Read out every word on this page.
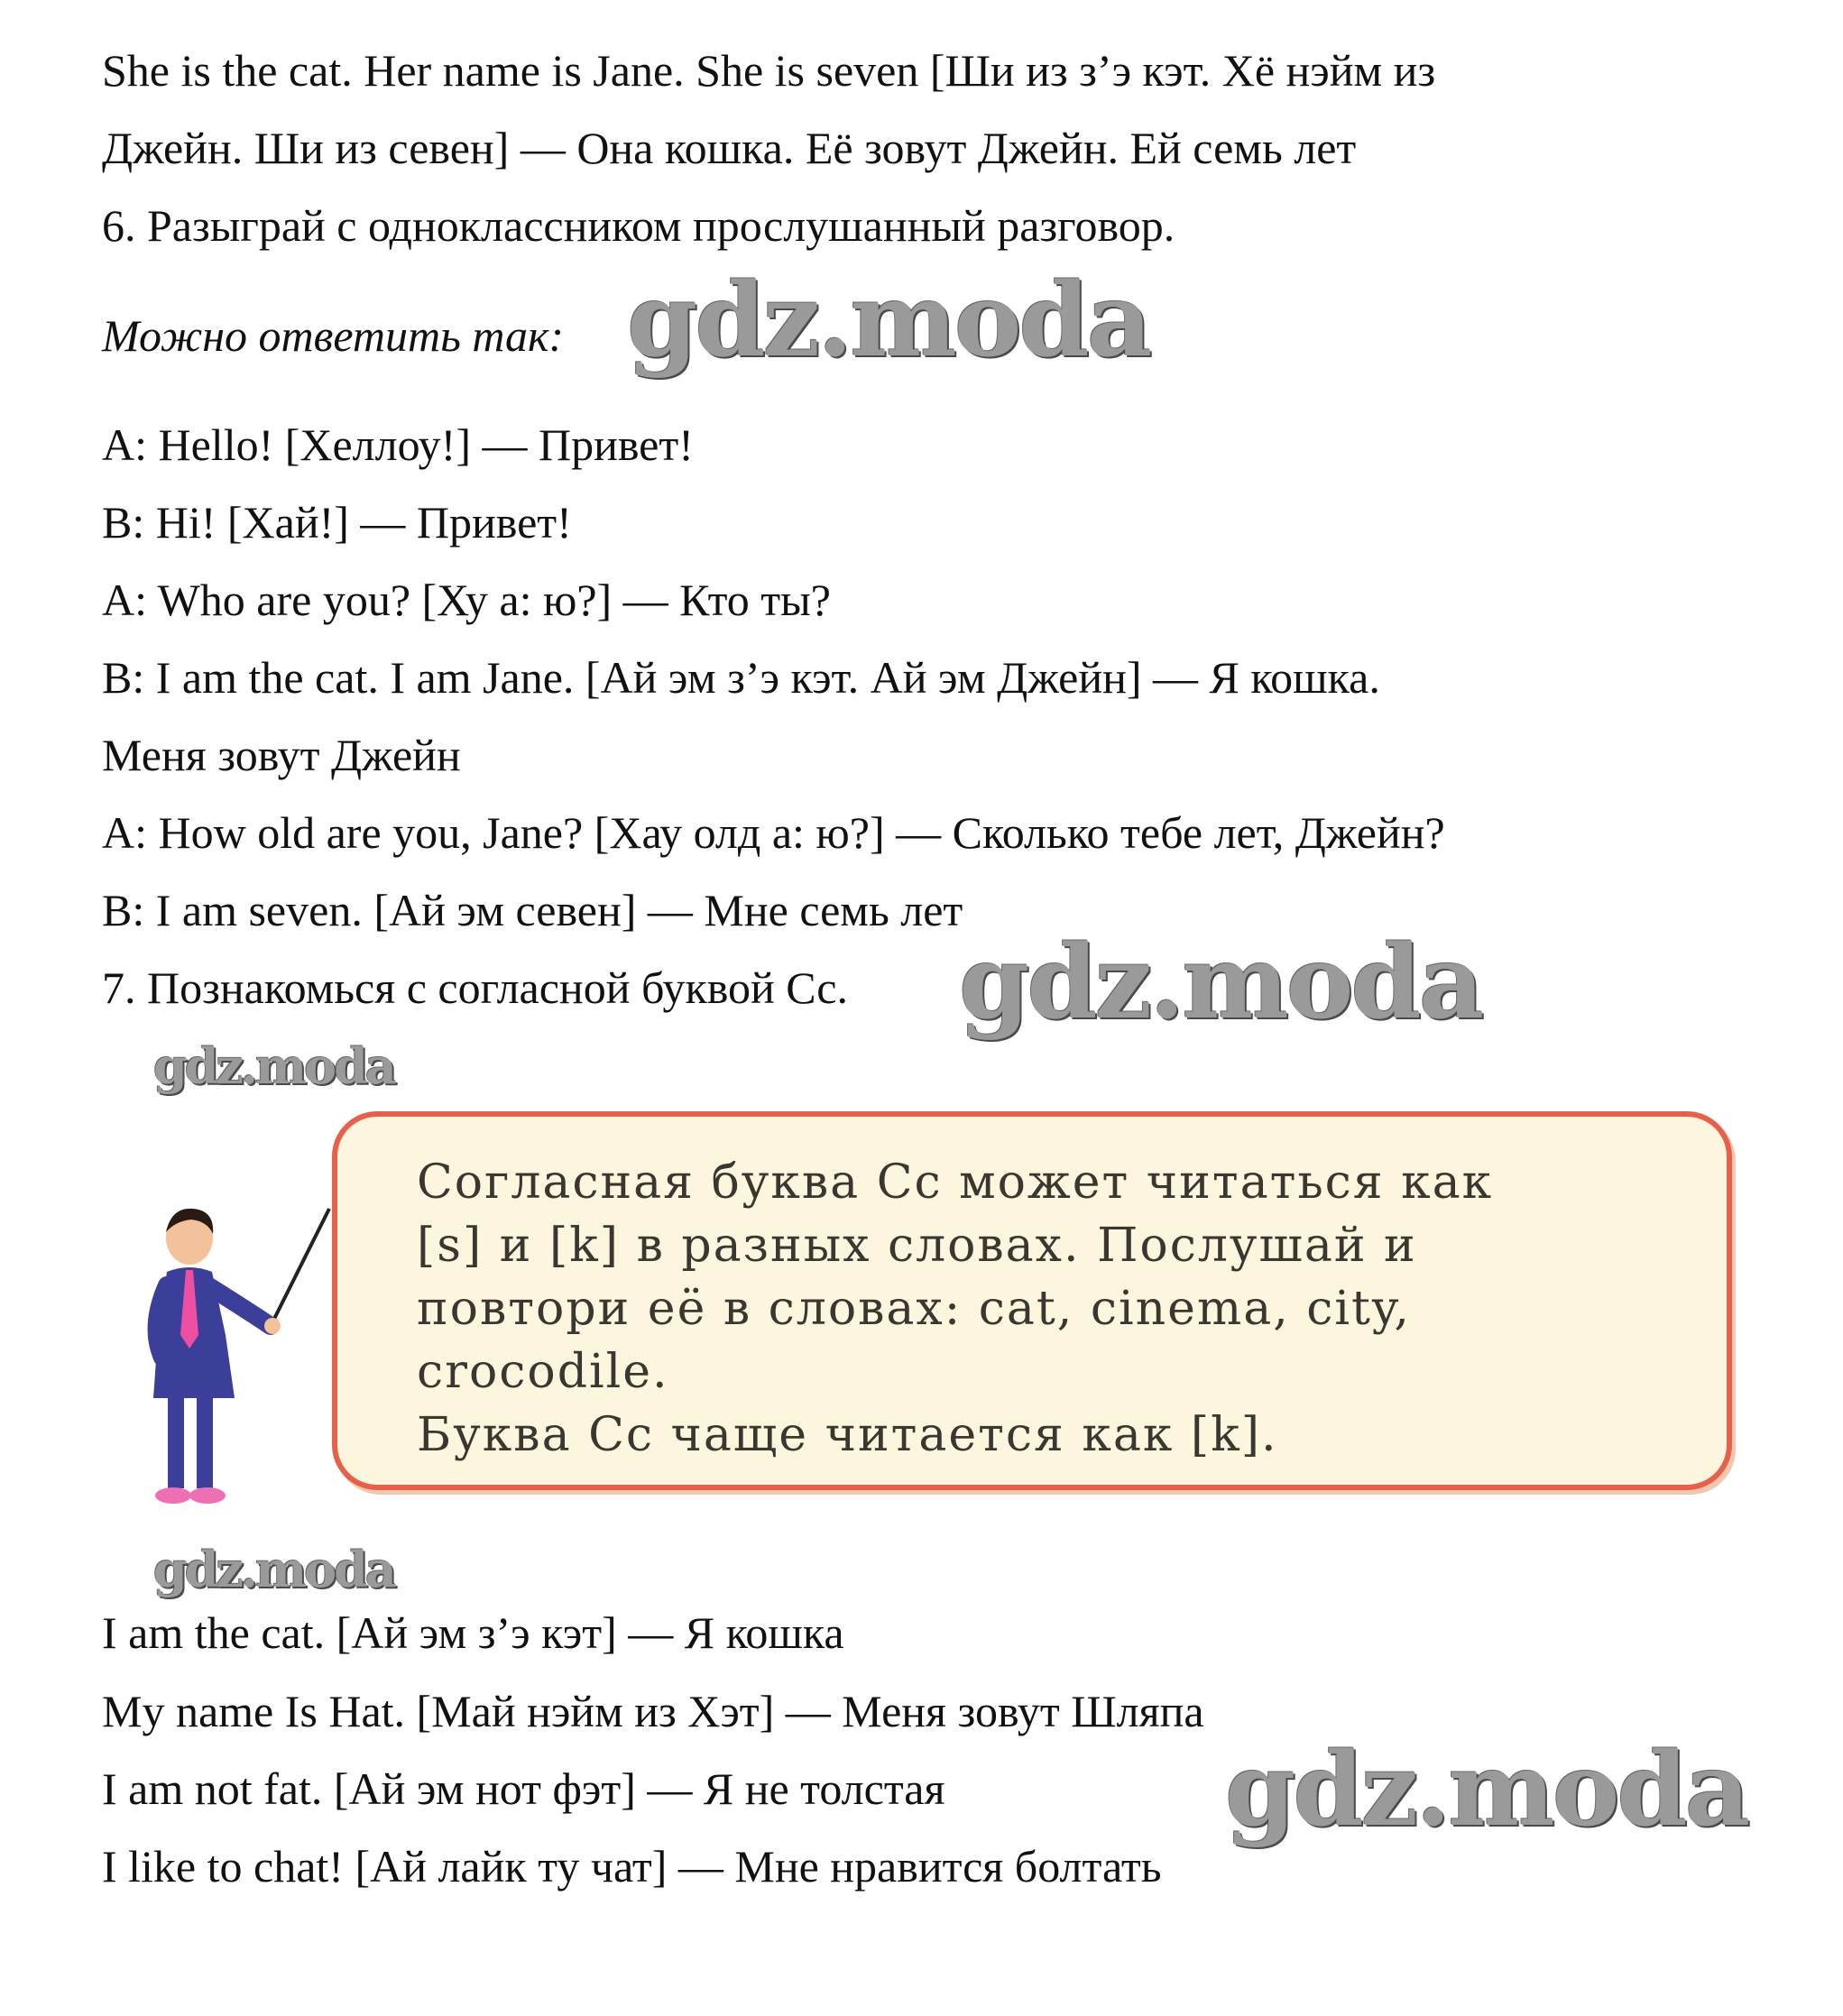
She is the cat. Her name is Jane. She is seven [Ши из з’э кэт. Хё нэйм из

Джейн. Ши из севен] — Она кошка. Её зовут Джейн. Ей семь лет

6. Разыграй с одноклассником прослушанный разговор.

Можно ответить так: gdz.moda

A: Hello! [Хеллоу!] — Привет!

B: Hi! [Хай!] — Привет!

A: Who are you? [Ху а: ю?] — Кто ты?

B: I am the cat. I am Jane. [Ай эм з’э кэт. Ай эм Джейн] — Я кошка.

Меня зовут Джейн

A: How old are you, Jane? [Хау олд а: ю?] — Сколько тебе лет, Джейн?

B: I am seven. [Ай эм севен] — Мне семь лет

7. Познакомься с согласной буквой Сс. gdz.moda
gdz.moda

Согласная буква Сс может читаться как
[s] и [k] в разных словах. Послушай и
повтори её в словах: cat, cinema, city,
crocodile.
Буква Сс чаще читается как [k].

gdz.moda

I am the cat. [Ай эм з’э кэт] — Я кошка

My name Is Hat. [Май нэйм из Хэт] — Меня зовут Шляпа

I am not fat. [Ай эм нот фэт] — Я не толстая

I like to chat! [Ай лайк ту чат] — Мне нравится болтать

gdz.moda
